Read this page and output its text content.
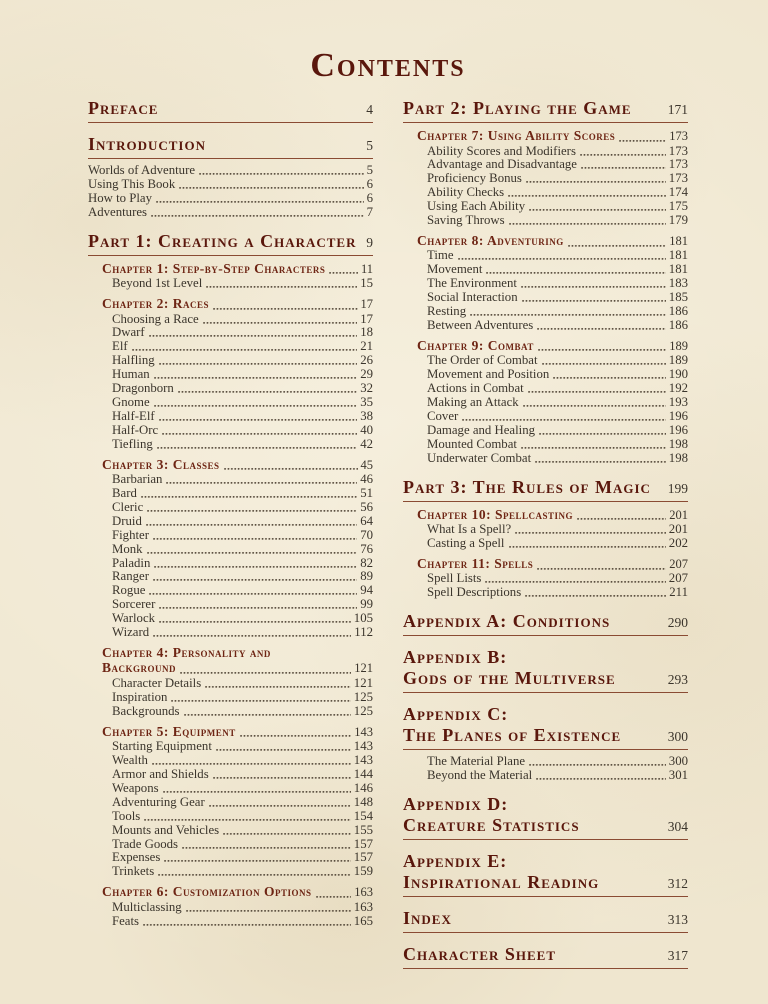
Contents
Preface	4
Introduction	5
Worlds of Adventure	5
Using This Book	6
How to Play	6
Adventures	7
Part 1: Creating a Character 9
Chapter 1: Step-by-Step Characters	11
Beyond 1st Level	15
Chapter 2: Races	17
Choosing a Race	17
Dwarf	18
Elf	21
Halfling	26
Human	29
Dragonborn	32
Gnome	35
Half-Elf	38
Half-Orc	40
Tiefling	42
Chapter 3: Classes	45
Barbarian	46
Bard	51
Cleric	56
Druid	64
Fighter	70
Monk	76
Paladin	82
Ranger	89
Rogue	94
Sorcerer	99
Warlock	105
Wizard	112
Chapter 4: Personality and
Background	121
Character Details	121
Inspiration	125
Backgrounds	125
Chapter 5: Equipment	143
Starting Equipment	143
Wealth	143
Armor and Shields	144
Weapons	146
Adventuring Gear	148
Tools	154
Mounts and Vehicles	155
Trade Goods	157
Expenses	157
Trinkets	159
Chapter 6: Customization Options	163
Multiclassing	163
Feats	165
Part 2: Playing the Game	171
Chapter 7: Using Ability Scores	173
Ability Scores and Modifiers	173
Advantage and Disadvantage	173
Proficiency Bonus	173
Ability Checks	174
Using Each Ability	175
Saving Throws	179
Chapter 8: Adventuring	181
Time	181
Movement	181
The Environment	183
Social Interaction	185
Resting	186
Between Adventures	186
Chapter 9: Combat	189
The Order of Combat	189
Movement and Position	190
Actions in Combat	192
Making an Attack	193
Cover	196
Damage and Healing	196
Mounted Combat	198
Underwater Combat	198
Part 3: The Rules of Magic 199
Chapter 10: Spellcasting	201
What Is a Spell?	201
Casting a Spell	202
Chapter 11: Spells	207
Spell Lists	207
Spell Descriptions	211
Appendix A: Conditions	290
Appendix B:
Gods of the Multiverse	293
Appendix C:
The Planes of Existence	300
The Material Plane	300
Beyond the Material	301
Appendix D:
Creature Statistics	304
Appendix E:
Inspirational Reading	312
Index	313
Character Sheet	317
